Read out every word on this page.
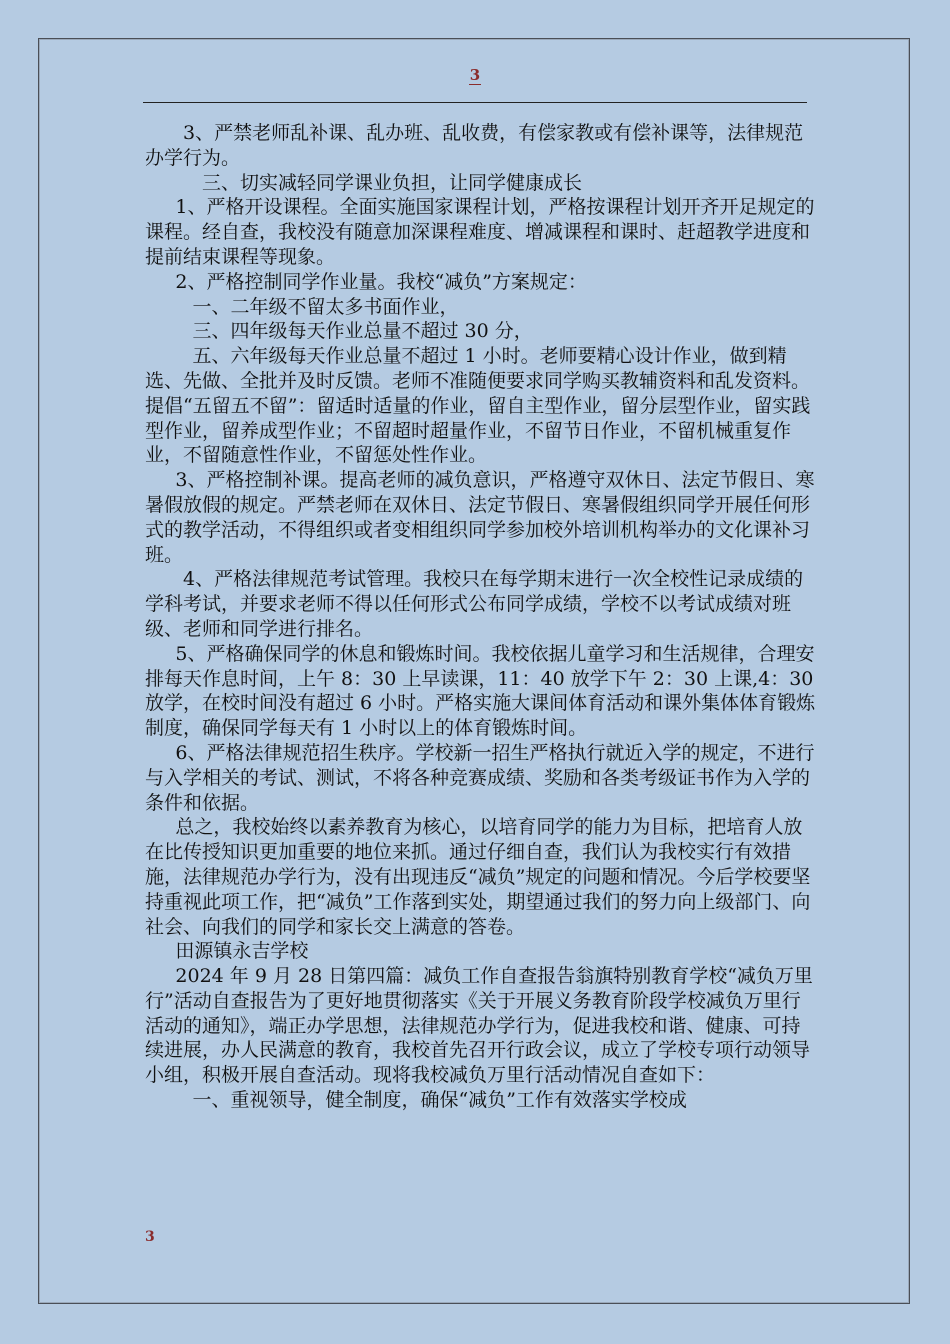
3

3、严禁老师乱补课、乱办班、乱收费，有偿家教或有偿补课等，法律规范办学行为。

三、切实减轻同学课业负担，让同学健康成长

1、严格开设课程。全面实施国家课程计划，严格按课程计划开齐开足规定的课程。经自查，我校没有随意加深课程难度、增减课程和课时、赶超教学进度和提前结束课程等现象。

2、严格控制同学作业量。我校“减负”方案规定：

一、二年级不留太多书面作业，

三、四年级每天作业总量不超过 30 分，

五、六年级每天作业总量不超过 1 小时。老师要精心设计作业，做到精选、先做、全批并及时反馈。老师不准随便要求同学购买教辅资料和乱发资料。提倡“五留五不留”：留适时适量的作业，留自主型作业，留分层型作业，留实践型作业，留养成型作业；不留超时超量作业，不留节日作业，不留机械重复作业，不留随意性作业，不留惩处性作业。

3、严格控制补课。提高老师的减负意识，严格遵守双休日、法定节假日、寒暑假放假的规定。严禁老师在双休日、法定节假日、寒暑假组织同学开展任何形式的教学活动，不得组织或者变相组织同学参加校外培训机构举办的文化课补习班。

4、严格法律规范考试管理。我校只在每学期末进行一次全校性记录成绩的学科考试，并要求老师不得以任何形式公布同学成绩，学校不以考试成绩对班级、老师和同学进行排名。

5、严格确保同学的休息和锻炼时间。我校依据儿童学习和生活规律，合理安排每天作息时间，上午 8：30 上早读课，11：40 放学下午 2：30 上课,4：30 放学，在校时间没有超过 6 小时。严格实施大课间体育活动和课外集体体育锻炼制度，确保同学每天有 1 小时以上的体育锻炼时间。

6、严格法律规范招生秩序。学校新一招生严格执行就近入学的规定，不进行与入学相关的考试、测试，不将各种竞赛成绩、奖励和各类考级证书作为入学的条件和依据。

总之，我校始终以素养教育为核心，以培育同学的能力为目标，把培育人放在比传授知识更加重要的地位来抓。通过仔细自查，我们认为我校实行有效措施，法律规范办学行为，没有出现违反“减负”规定的问题和情况。今后学校要坚持重视此项工作，把“减负”工作落到实处，期望通过我们的努力向上级部门、向社会、向我们的同学和家长交上满意的答卷。

田源镇永吉学校

2024 年 9 月 28 日第四篇：减负工作自查报告翁旗特别教育学校“减负万里行”活动自查报告为了更好地贯彻落实《关于开展义务教育阶段学校减负万里行活动的通知》，端正办学思想，法律规范办学行为，促进我校和谐、健康、可持续进展，办人民满意的教育，我校首先召开行政会议，成立了学校专项行动领导小组，积极开展自查活动。现将我校减负万里行活动情况自查如下：

一、重视领导，健全制度，确保“减负”工作有效落实学校成

3
